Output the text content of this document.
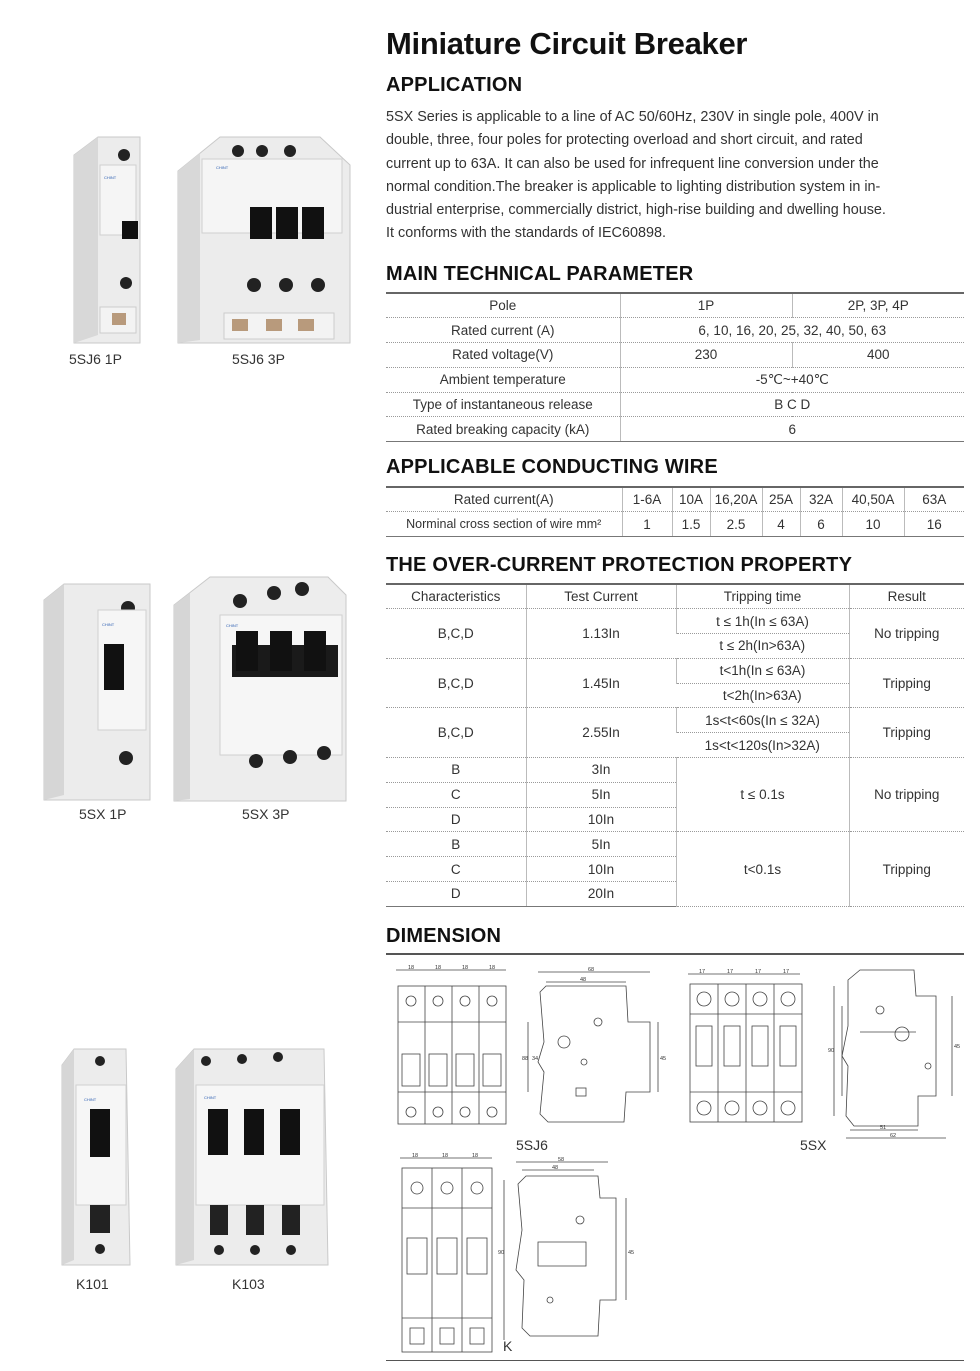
Miniature Circuit Breaker
APPLICATION
5SX Series is applicable to a line of AC 50/60Hz, 230V in single pole, 400V in
double, three, four poles for protecting overload and short circuit, and rated
current up to 63A. It can also be used for infrequent line conversion under the
normal condition.The breaker is applicable to lighting distribution system in in-
dustrial enterprise, commercially district, high-rise building and dwelling house.
It conforms with the standards of IEC60898.
MAIN TECHNICAL PARAMETER
Pole	1P	2P, 3P, 4P
Rated current (A)	6, 10, 16, 20, 25, 32, 40, 50, 63	
Rated voltage(V)	230	400
Ambient temperature	-5℃~+40℃	
Type of instantaneous release	B C D	
Rated breaking capacity (kA)	6	
APPLICABLE CONDUCTING WIRE
Rated current(A)	1-6A	10A	16,20A	25A	32A	40,50A	63A
Norminal cross section of wire mm²	1	1.5	2.5	4	6	10	16
THE OVER-CURRENT PROTECTION PROPERTY
Characteristics	Test Current	Tripping time	Result
B,C,D	1.13In	t ≤ 1h(In ≤ 63A)	No tripping
		t ≤ 2h(In>63A)	
B,C,D	1.45In	t<1h(In ≤ 63A)	Tripping
		t<2h(In>63A)	
B,C,D	2.55In	1s<t<60s(In ≤ 32A)	Tripping
		1s<t<120s(In>32A)	
B	3In	t ≤ 0.1s	No tripping
C	5In		
D	10In		
B	5In	t<0.1s	Tripping
C	10In		
D	20In		
DIMENSION
18	18	18	18	68
48
88 34	45
5SJ6
17	17	17	17
51
62
90
45
5SX
18	18	18
58
48
90	45
K
CHINT
5SJ6 1P
CHINT
5SJ6 3P
CHINT
5SX 1P
CHINT
5SX 3P
CHINT
K101
CHINT
K103
